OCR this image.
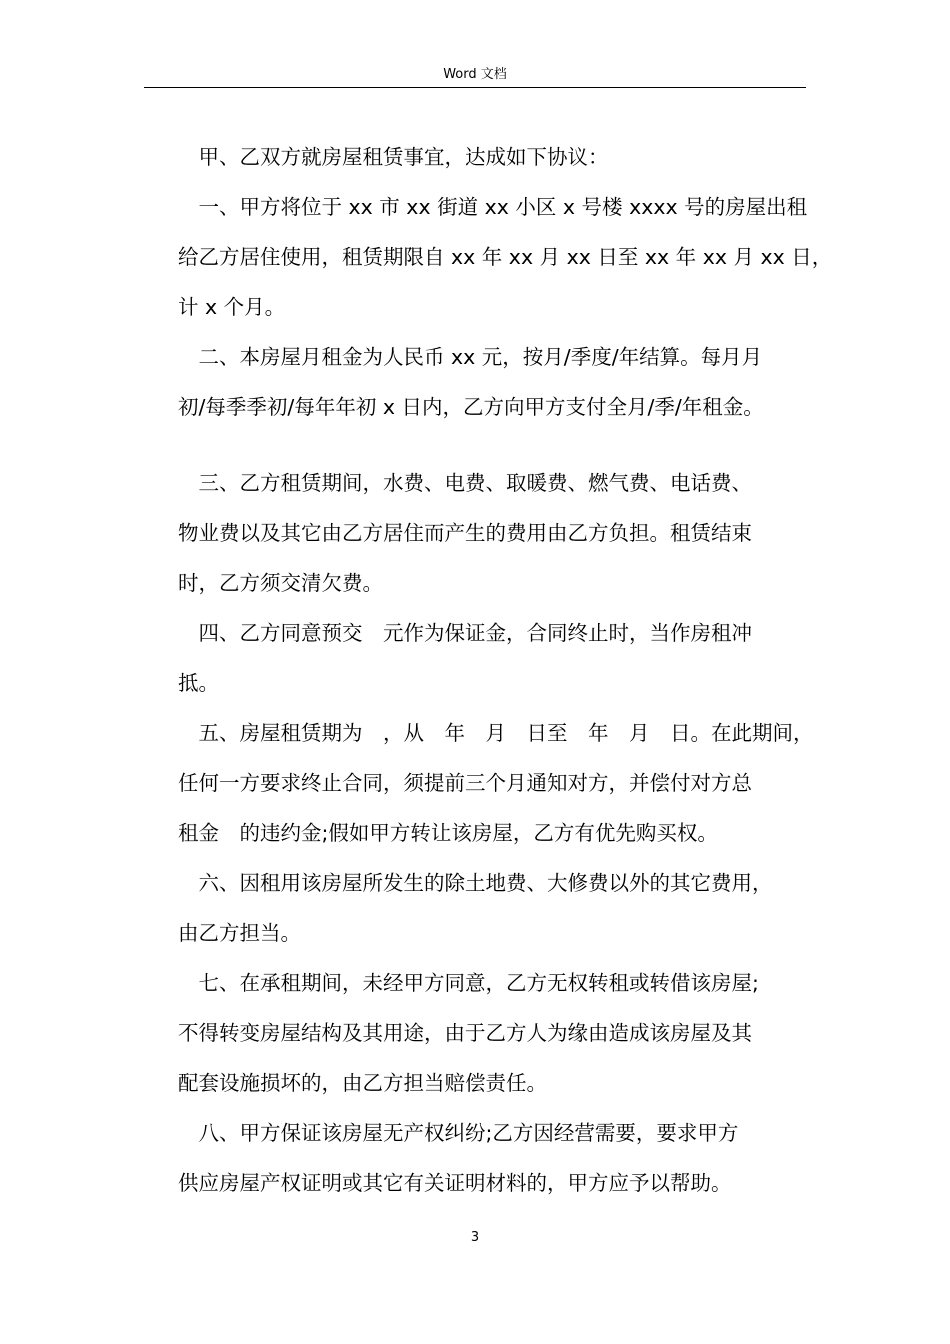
Word 文档

　甲、乙双方就房屋租赁事宜，达成如下协议：

　一、甲方将位于 xx 市 xx 街道 xx 小区 x 号楼 xxxx 号的房屋出租

给乙方居住使用，租赁期限自 xx 年 xx 月 xx 日至 xx 年 xx 月 xx 日，

计 x 个月。

　二、本房屋月租金为人民币 xx 元，按月/季度/年结算。每月月

初/每季季初/每年年初 x 日内，乙方向甲方支付全月/季/年租金。

　三、乙方租赁期间，水费、电费、取暖费、燃气费、电话费、

物业费以及其它由乙方居住而产生的费用由乙方负担。租赁结束

时，乙方须交清欠费。

　四、乙方同意预交　元作为保证金，合同终止时，当作房租冲

抵。

　五、房屋租赁期为　，从　年　月　日至　年　月　日。在此期间，

任何一方要求终止合同，须提前三个月通知对方，并偿付对方总

租金　的违约金;假如甲方转让该房屋，乙方有优先购买权。

　六、因租用该房屋所发生的除土地费、大修费以外的其它费用，

由乙方担当。

　七、在承租期间，未经甲方同意，乙方无权转租或转借该房屋;

不得转变房屋结构及其用途，由于乙方人为缘由造成该房屋及其

配套设施损坏的，由乙方担当赔偿责任。

　八、甲方保证该房屋无产权纠纷;乙方因经营需要，要求甲方

供应房屋产权证明或其它有关证明材料的，甲方应予以帮助。

3
